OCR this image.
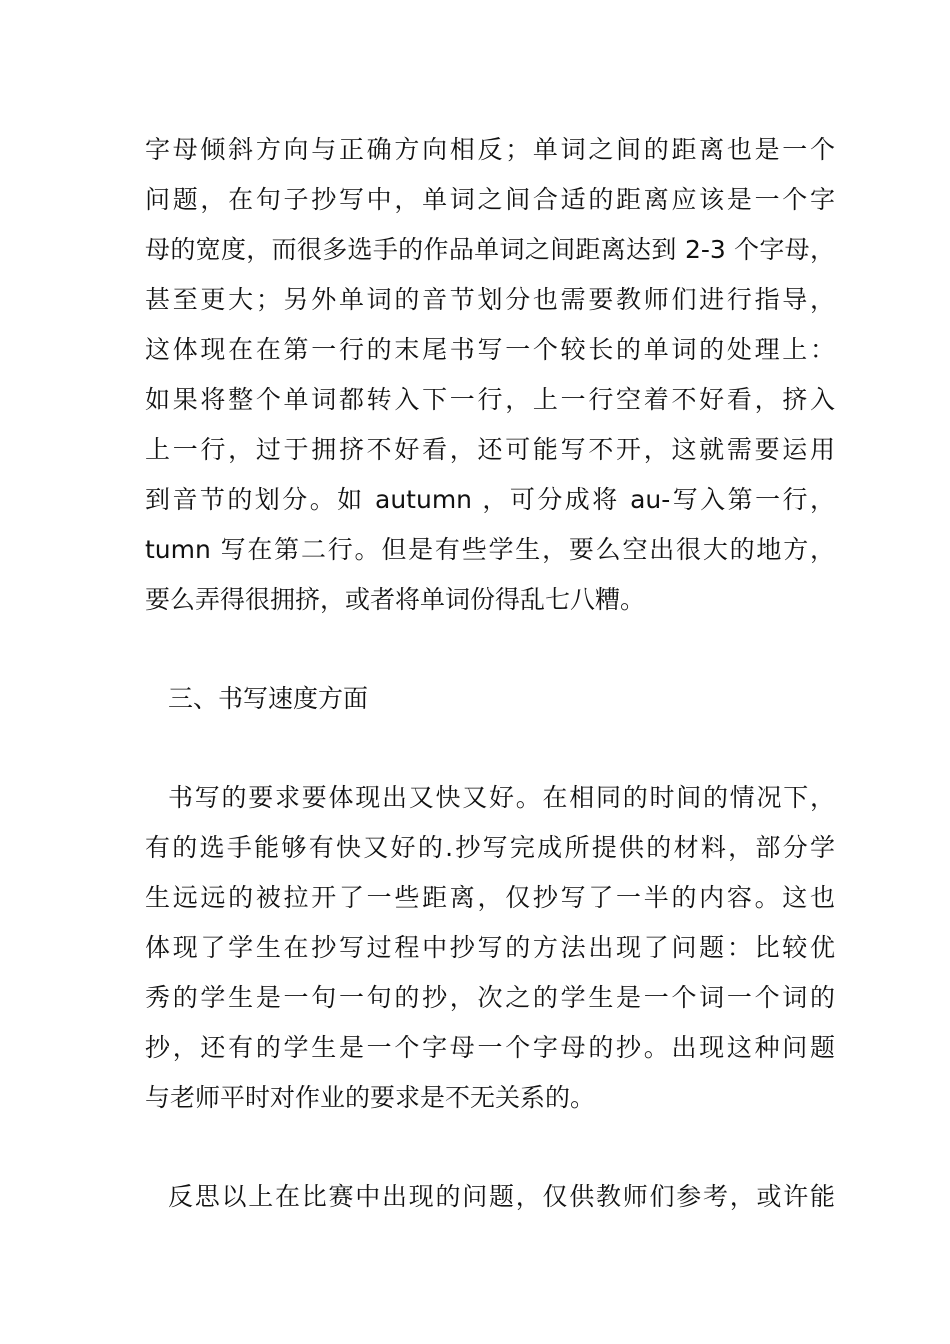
字母倾斜方向与正确方向相反；单词之间的距离也是一个
问题，在句子抄写中，单词之间合适的距离应该是一个字
母的宽度，而很多选手的作品单词之间距离达到 2-3 个字母，
甚至更大；另外单词的音节划分也需要教师们进行指导，
这体现在在第一行的末尾书写一个较长的单词的处理上：
如果将整个单词都转入下一行，上一行空着不好看，挤入
上一行，过于拥挤不好看，还可能写不开，这就需要运用
到音节的划分。如 autumn ，可分成将 au-写入第一行，
tumn 写在第二行。但是有些学生，要么空出很大的地方，
要么弄得很拥挤，或者将单词份得乱七八糟。
三、书写速度方面
书写的要求要体现出又快又好。在相同的时间的情况下，
有的选手能够有快又好的.抄写完成所提供的材料，部分学
生远远的被拉开了一些距离，仅抄写了一半的内容。这也
体现了学生在抄写过程中抄写的方法出现了问题：比较优
秀的学生是一句一句的抄，次之的学生是一个词一个词的
抄，还有的学生是一个字母一个字母的抄。出现这种问题
与老师平时对作业的要求是不无关系的。
反思以上在比赛中出现的问题，仅供教师们参考，或许能
